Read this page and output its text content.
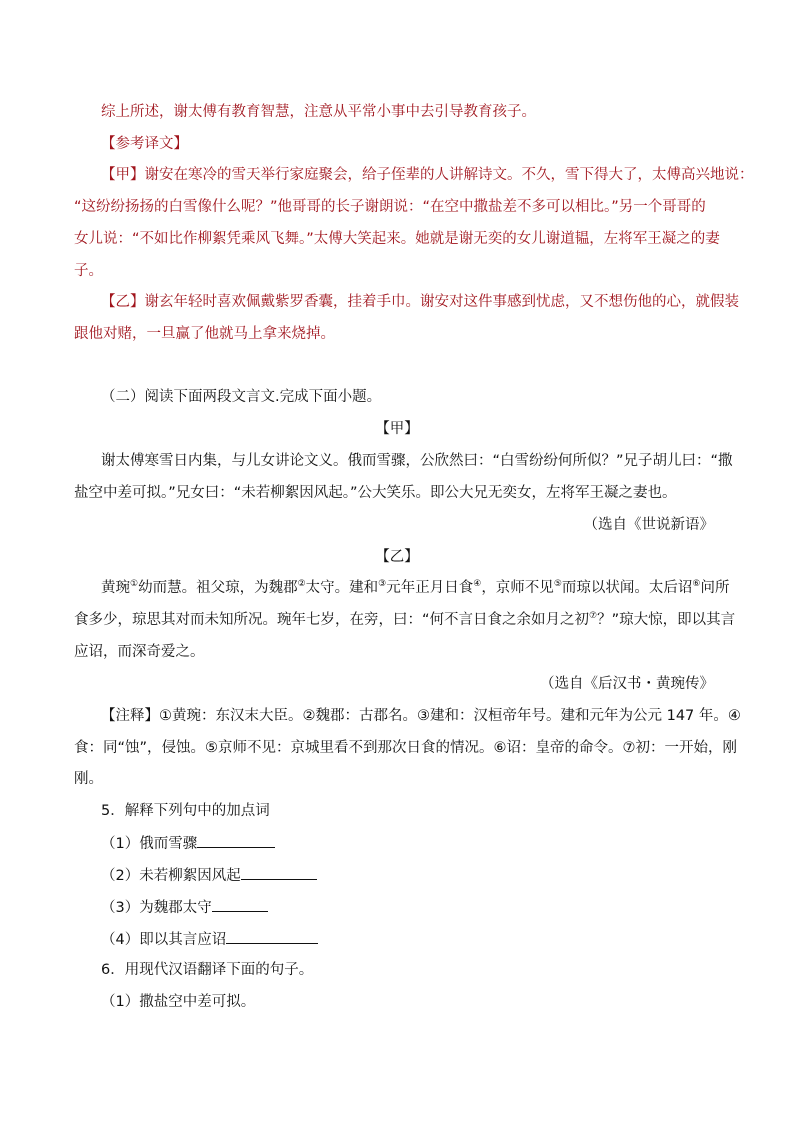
综上所述，谢太傅有教育智慧，注意从平常小事中去引导教育孩子。
【参考译文】
【甲】谢安在寒冷的雪天举行家庭聚会，给子侄辈的人讲解诗文。不久，雪下得大了，太傅高兴地说：
“这纷纷扬扬的白雪像什么呢？”他哥哥的长子谢朗说：“在空中撒盐差不多可以相比。”另一个哥哥的
女儿说：“不如比作柳絮凭乘风飞舞。”太傅大笑起来。她就是谢无奕的女儿谢道韫，左将军王凝之的妻
子。
【乙】谢玄年轻时喜欢佩戴紫罗香囊，挂着手巾。谢安对这件事感到忧虑，又不想伤他的心，就假装
跟他对赌，一旦赢了他就马上拿来烧掉。
（二）阅读下面两段文言文.完成下面小题。
【甲】
谢太傅寒雪日内集，与儿女讲论文义。俄而雪骤，公欣然曰：“白雪纷纷何所似？”兄子胡儿曰：“撒
盐空中差可拟。”兄女曰：“未若柳絮因风起。”公大笑乐。即公大兄无奕女，左将军王凝之妻也。
（选自《世说新语》
【乙】
黄琬①幼而慧。祖父琼，为魏郡②太守。建和③元年正月日食④，京师不见⑤而琼以状闻。太后诏⑥问所
食多少，琼思其对而未知所况。琬年七岁，在旁，曰：“何不言日食之余如月之初⑦？”琼大惊，即以其言
应诏，而深奇爱之。
（选自《后汉书・黄琬传》
【注释】①黄琬：东汉末大臣。②魏郡：古郡名。③建和：汉桓帝年号。建和元年为公元 147 年。④
食：同“蚀”，侵蚀。⑤京师不见：京城里看不到那次日食的情况。⑥诏：皇帝的命令。⑦初：一开始，刚
刚。
5．解释下列句中的加点词
（1）俄而雪骤
（2）未若柳絮因风起
（3）为魏郡太守
（4）即以其言应诏
6．用现代汉语翻译下面的句子。
（1）撒盐空中差可拟。
